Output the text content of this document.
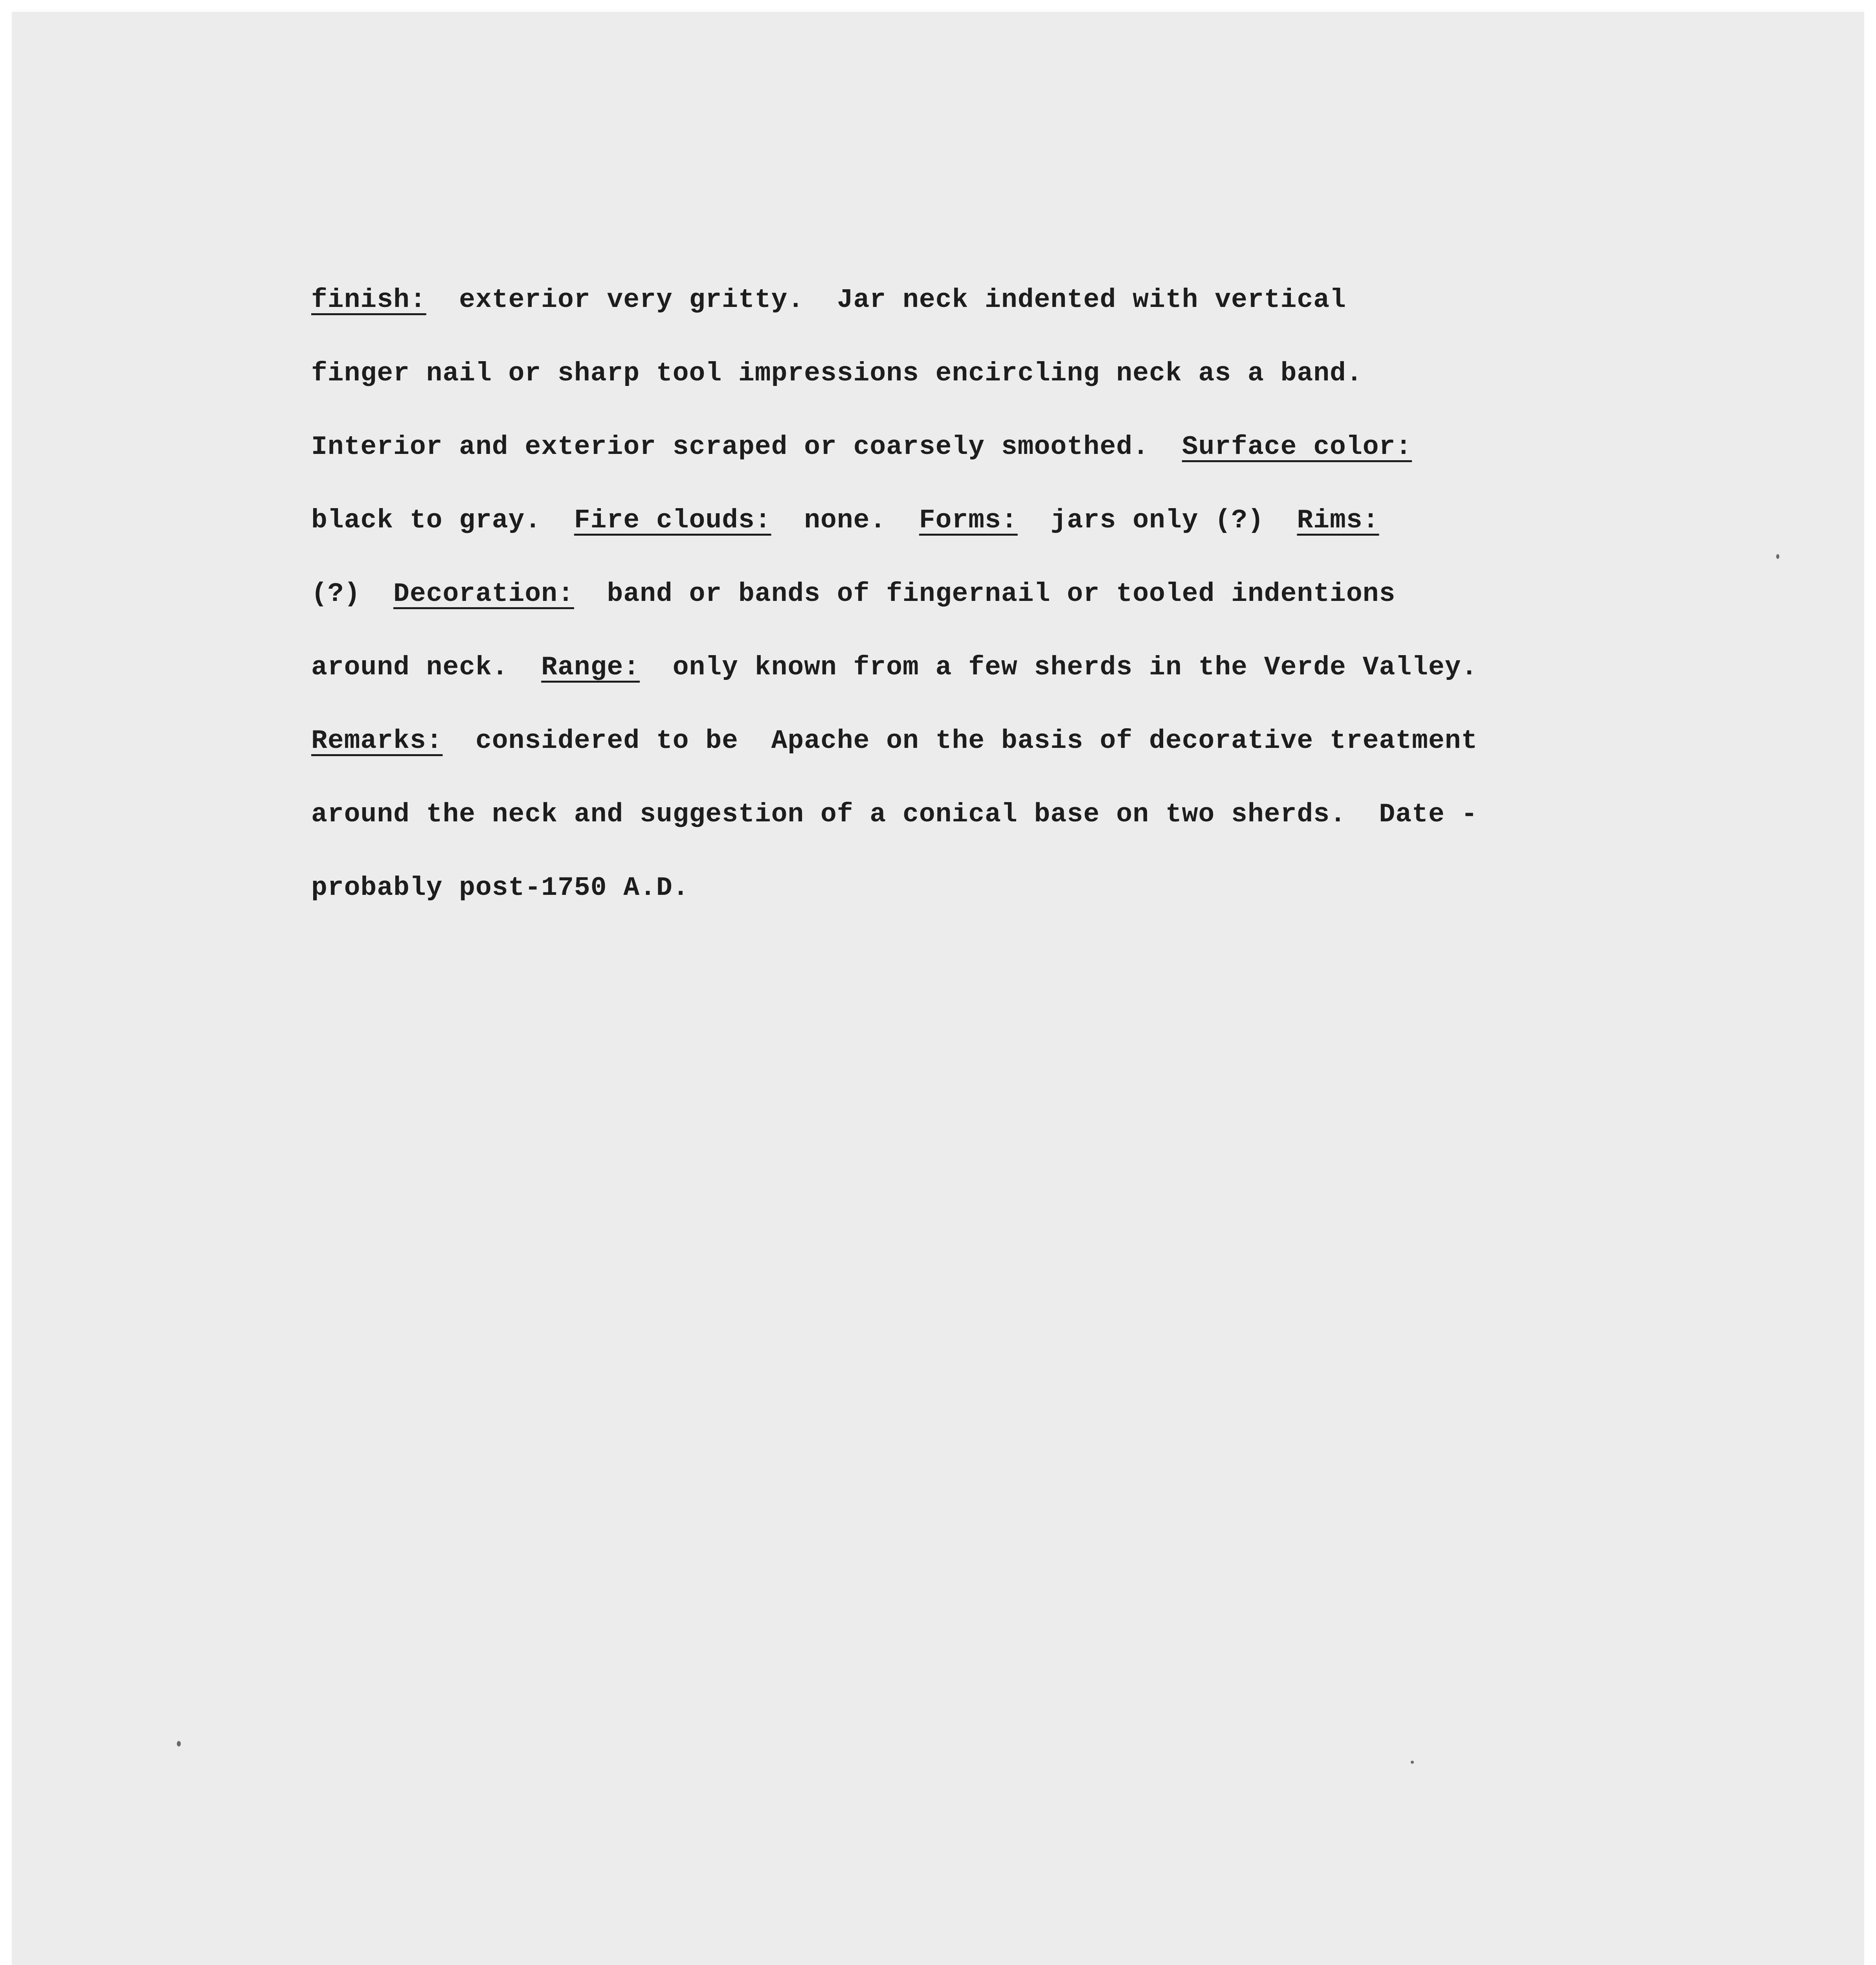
finish:  exterior very gritty.  Jar neck indented with vertical
finger nail or sharp tool impressions encircling neck as a band.
Interior and exterior scraped or coarsely smoothed.  Surface color:
black to gray.  Fire clouds:  none.  Forms:  jars only (?)  Rims:
(?)  Decoration:  band or bands of fingernail or tooled indentions
around neck.  Range:  only known from a few sherds in the Verde Valley.
Remarks:  considered to be  Apache on the basis of decorative treatment
around the neck and suggestion of a conical base on two sherds.  Date -
probably post-1750 A.D.
